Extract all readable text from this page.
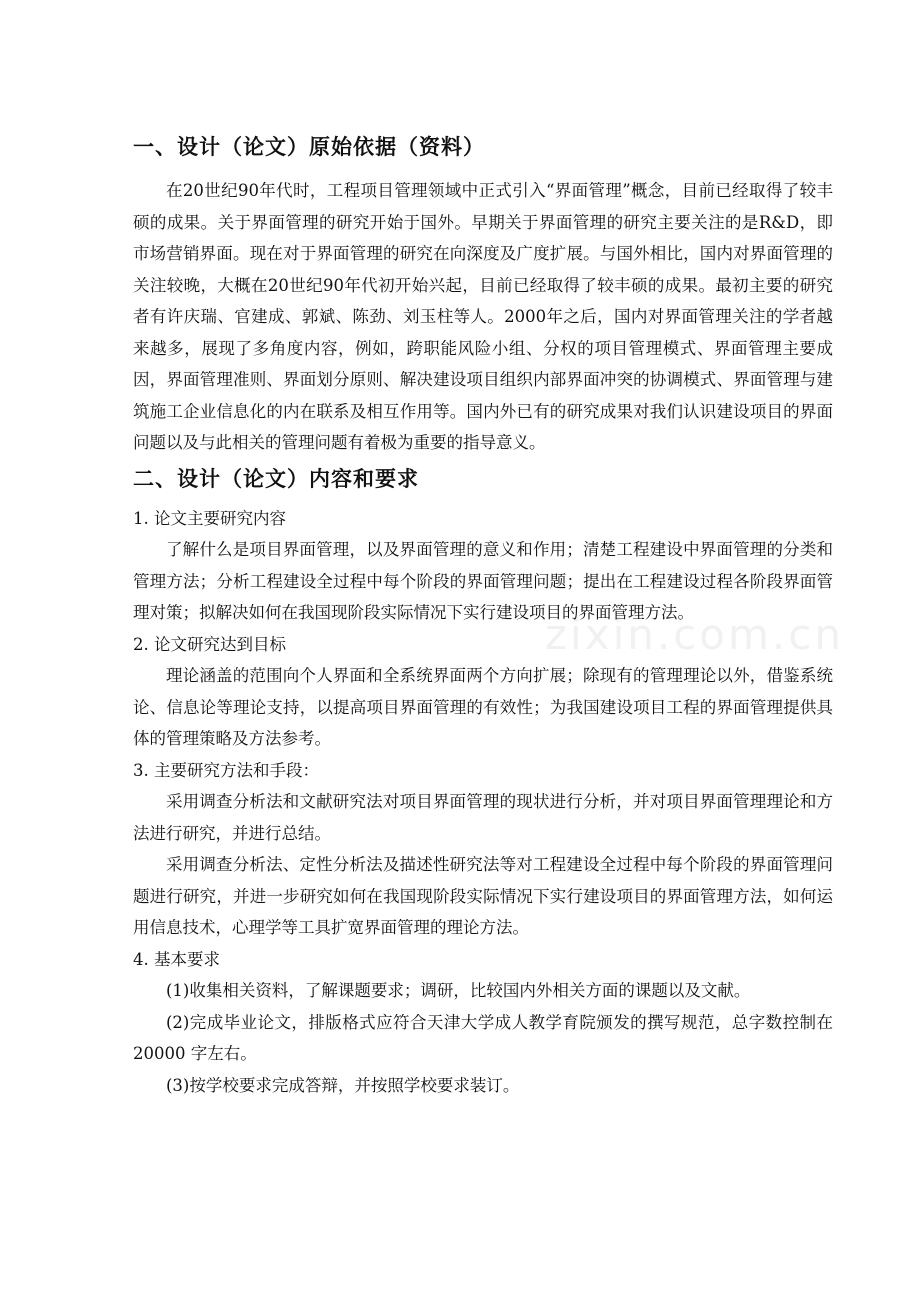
一、设计（论文）原始依据（资料）

在20世纪90年代时，工程项目管理领域中正式引入“界面管理”概念，目前已经取得了较丰硕的成果。关于界面管理的研究开始于国外。早期关于界面管理的研究主要关注的是R&D，即市场营销界面。现在对于界面管理的研究在向深度及广度扩展。与国外相比，国内对界面管理的关注较晚，大概在20世纪90年代初开始兴起，目前已经取得了较丰硕的成果。最初主要的研究者有许庆瑞、官建成、郭斌、陈劲、刘玉柱等人。2000年之后，国内对界面管理关注的学者越来越多，展现了多角度内容，例如，跨职能风险小组、分权的项目管理模式、界面管理主要成因，界面管理准则、界面划分原则、解决建设项目组织内部界面冲突的协调模式、界面管理与建筑施工企业信息化的内在联系及相互作用等。国内外已有的研究成果对我们认识建设项目的界面问题以及与此相关的管理问题有着极为重要的指导意义。

二、设计（论文）内容和要求

1. 论文主要研究内容

了解什么是项目界面管理，以及界面管理的意义和作用；清楚工程建设中界面管理的分类和管理方法；分析工程建设全过程中每个阶段的界面管理问题；提出在工程建设过程各阶段界面管理对策；拟解决如何在我国现阶段实际情况下实行建设项目的界面管理方法。

2. 论文研究达到目标

理论涵盖的范围向个人界面和全系统界面两个方向扩展；除现有的管理理论以外，借鉴系统论、信息论等理论支持，以提高项目界面管理的有效性；为我国建设项目工程的界面管理提供具体的管理策略及方法参考。

3. 主要研究方法和手段：

采用调查分析法和文献研究法对项目界面管理的现状进行分析，并对项目界面管理理论和方法进行研究，并进行总结。

采用调查分析法、定性分析法及描述性研究法等对工程建设全过程中每个阶段的界面管理问题进行研究，并进一步研究如何在我国现阶段实际情况下实行建设项目的界面管理方法，如何运用信息技术，心理学等工具扩宽界面管理的理论方法。

4. 基本要求

(1)收集相关资料，了解课题要求；调研，比较国内外相关方面的课题以及文献。

(2)完成毕业论文，排版格式应符合天津大学成人教学育院颁发的撰写规范，总字数控制在 20000 字左右。

(3)按学校要求完成答辩，并按照学校要求装订。

zixin.com.cn
